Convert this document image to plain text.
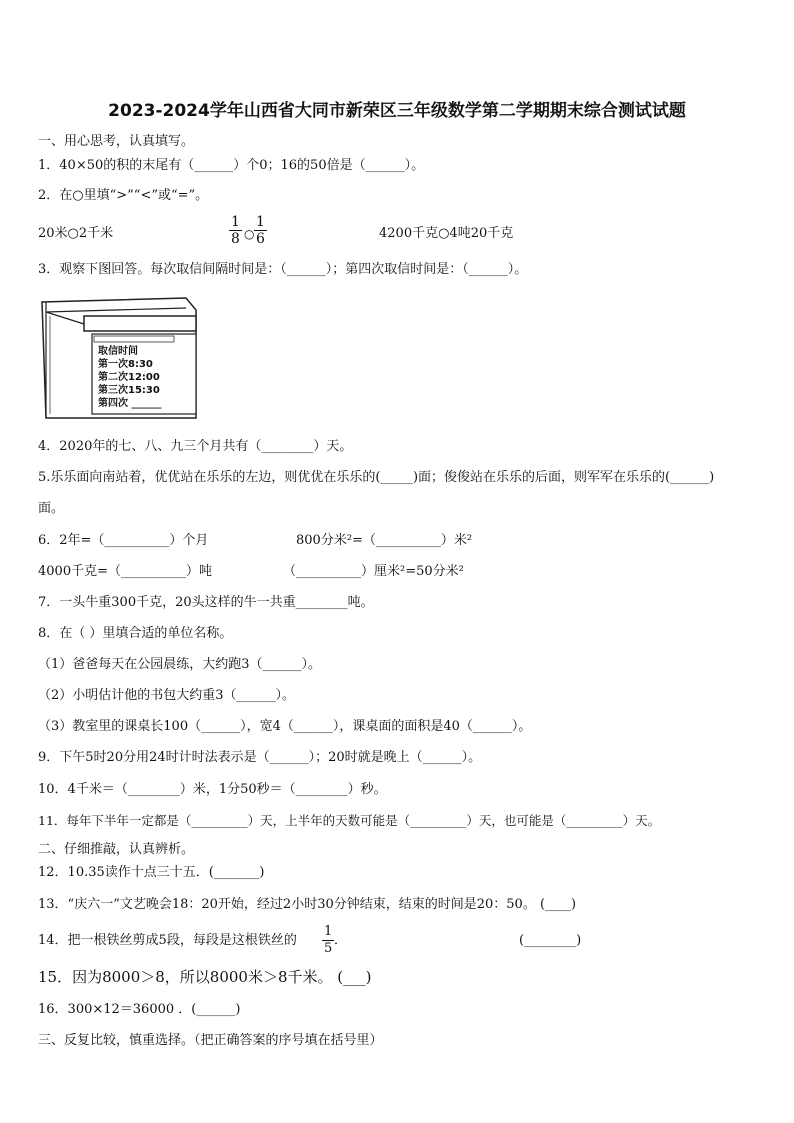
2023-2024学年山西省大同市新荣区三年级数学第二学期期末综合测试试题
一、用心思考，认真填写。
1．40×50的积的末尾有（______）个0；16的50倍是（______）。
2．在○里填“>”“<”或“=”。
20米○2千米	$\frac{1}{8}$ ○ $\frac{1}{6}$	4200千克○4吨20千克
3．观察下图回答。每次取信间隔时间是：（______）；第四次取信时间是：（______）。
取信时间
第一次8:30
第二次12:00
第三次15:30
第四次 ______
4．2020年的七、八、九三个月共有（________）天。
5.乐乐面向南站着，优优站在乐乐的左边，则优优在乐乐的(_____)面；俊俊站在乐乐的后面，则军军在乐乐的(______)
面。
6．2年=（__________）个月	800分米²=（__________）米²
4000千克=（__________）吨	（__________）厘米²=50分米²
7．一头牛重300千克，20头这样的牛一共重________吨。
8．在（ ）里填合适的单位名称。
（1）爸爸每天在公园晨练，大约跑3（______）。
（2）小明估计他的书包大约重3（______）。
（3）教室里的课桌长100（______），宽4（______），课桌面的面积是40（______）。
9．下午5时20分用24时计时法表示是（______）；20时就是晚上（______）。
10．4千米＝（________）米，1分50秒＝（________）秒。
11．每年下半年一定都是（_________）天，上半年的天数可能是（_________）天，也可能是（_________）天。
二、仔细推敲，认真辨析。
12．10.35读作十点三十五．(_______)
13．“庆六一”文艺晚会18：20开始，经过2小时30分钟结束，结束的时间是20：50。 (____)
14．把一根铁丝剪成5段，每段是这根铁丝的 $\frac{1}{5}$ ．	(________)
15．因为8000＞8，所以8000米＞8千米。 (___)
16．300×12＝36000 ．(______)
三、反复比较，慎重选择。（把正确答案的序号填在括号里）
